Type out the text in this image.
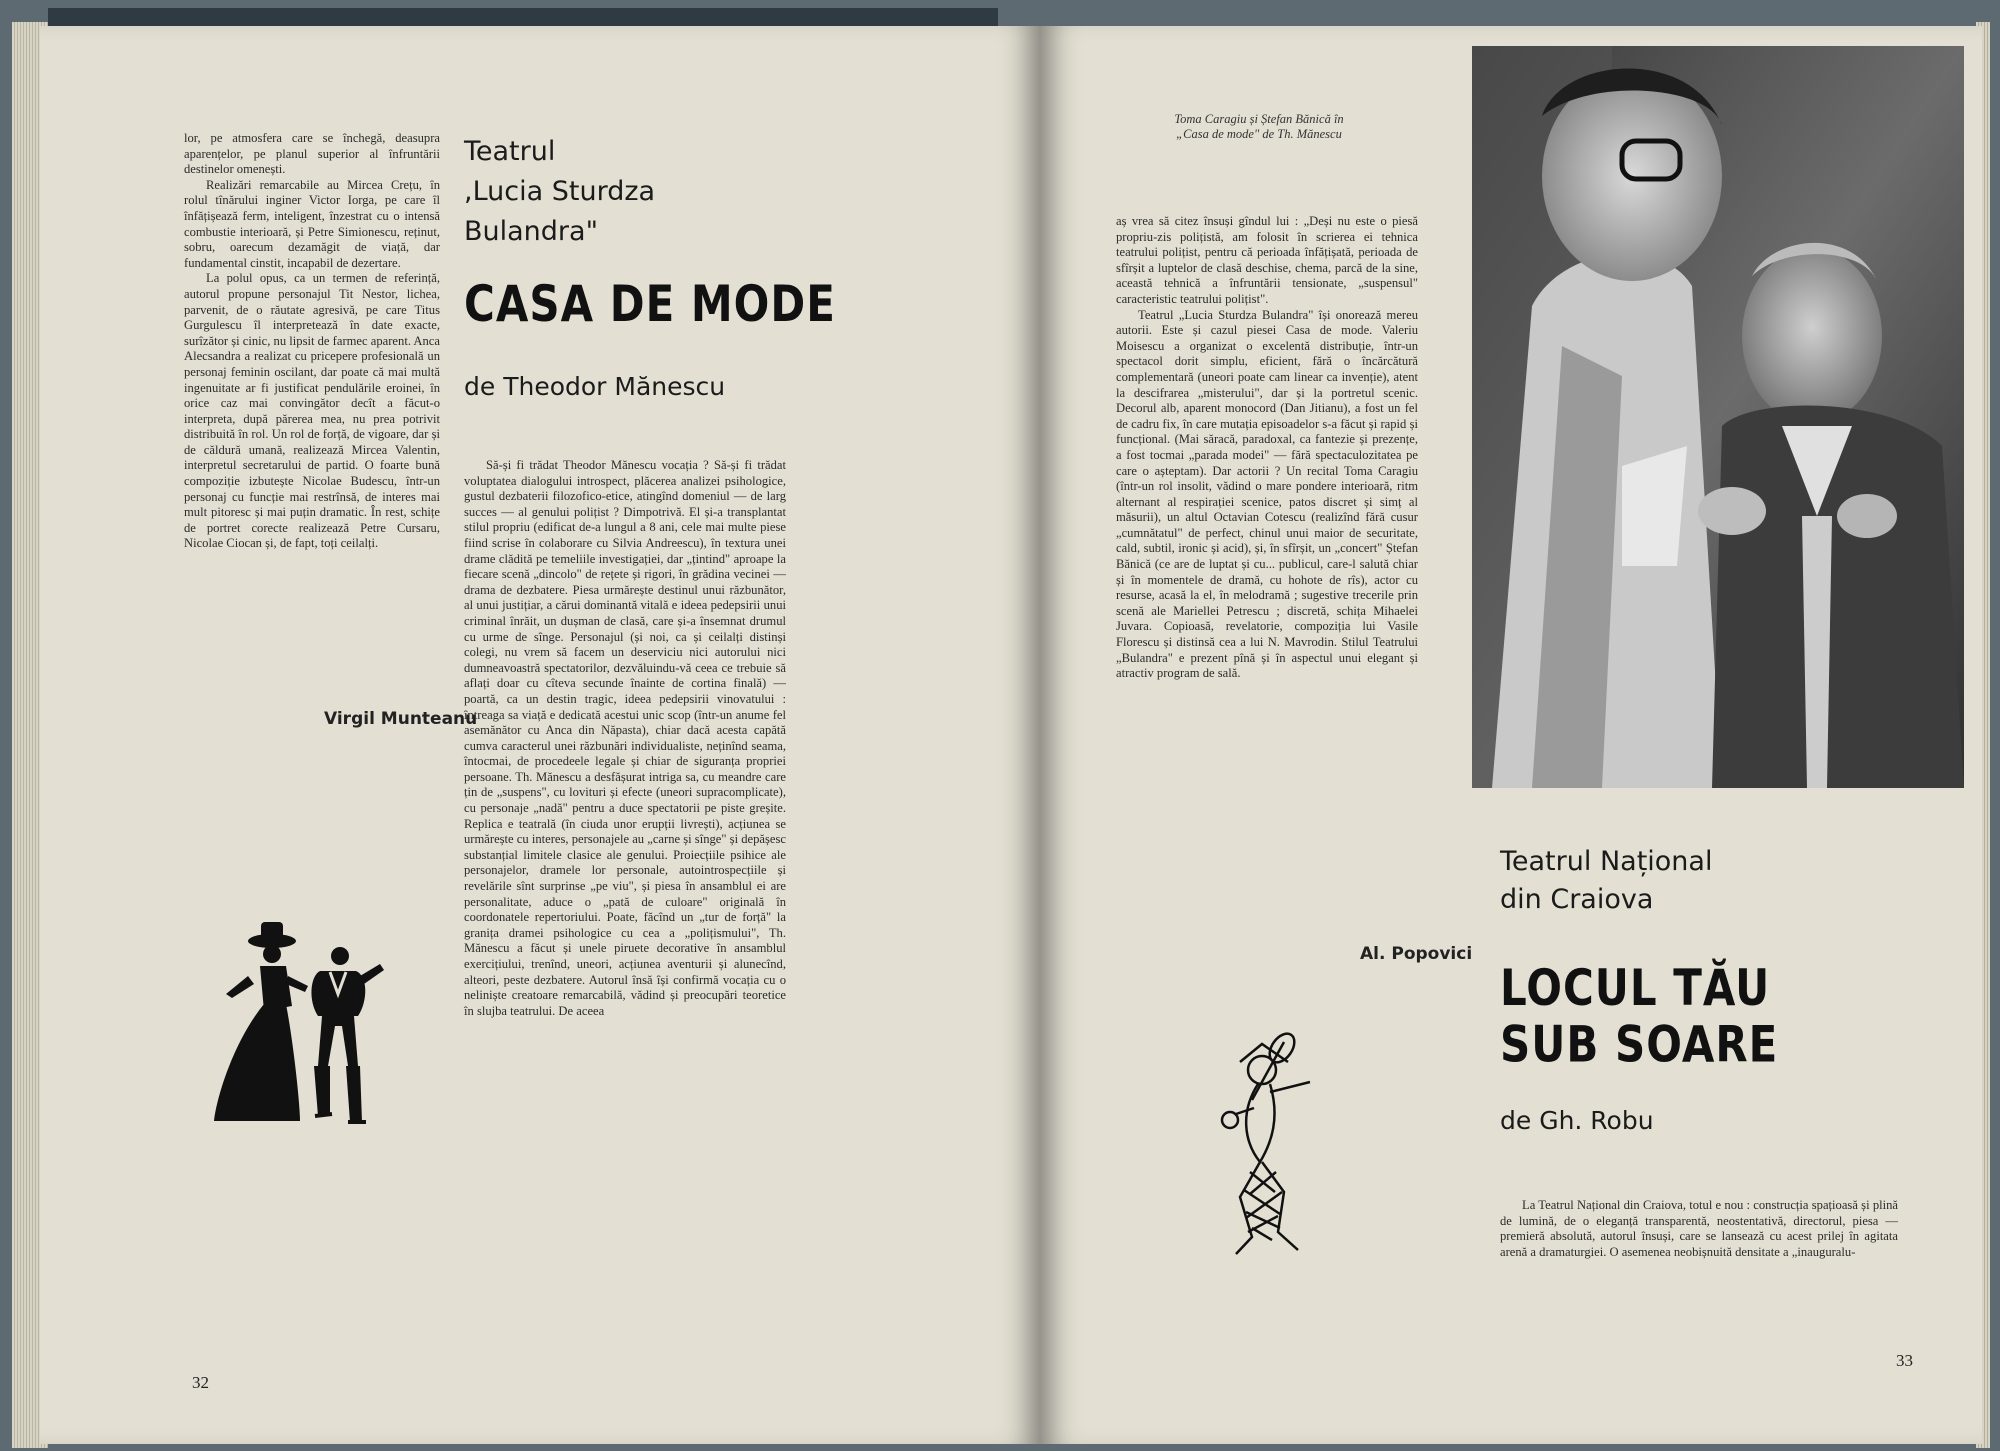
lor, pe atmosfera care se închegă, deasupra aparențelor, pe planul superior al înfruntării destinelor omenești.

Realizări remarcabile au Mircea Crețu, în rolul tînărului inginer Victor Iorga, pe care îl înfățișează ferm, inteligent, înzestrat cu o intensă combustie interioară, și Petre Simionescu, reținut, sobru, oarecum dezamăgit de viață, dar fundamental cinstit, incapabil de dezertare.

La polul opus, ca un termen de referință, autorul propune personajul Tit Nestor, lichea, parvenit, de o răutate agresivă, pe care Titus Gurgulescu îl interpretează în date exacte, surîzător și cinic, nu lipsit de farmec aparent. Anca Alecsandra a realizat cu pricepere profesională un personaj feminin oscilant, dar poate că mai multă ingenuitate ar fi justificat pendulările eroinei, în orice caz mai convingător decît a făcut-o interpreta, după părerea mea, nu prea potrivit distribuită în rol. Un rol de forță, de vigoare, dar și de căldură umană, realizează Mircea Valentin, interpretul secretarului de partid. O foarte bună compoziție izbutește Nicolae Budescu, într-un personaj cu funcție mai restrînsă, de interes mai mult pitoresc și mai puțin dramatic. În rest, schițe de portret corecte realizează Petre Cursaru, Nicolae Ciocan și, de fapt, toți ceilalți.

Virgil Munteanu
Teatrul
,Lucia Sturdza
Bulandra"
CASA DE MODE
de Theodor Mănescu

Să-și fi trădat Theodor Mănescu vocația ? Să-și fi trădat voluptatea dialogului introspect, plăcerea analizei psihologice, gustul dezbaterii filozofico-etice, atingînd domeniul — de larg succes — al genului polițist ? Dimpotrivă. El și-a transplantat stilul propriu (edificat de-a lungul a 8 ani, cele mai multe piese fiind scrise în colaborare cu Silvia Andreescu), în textura unei drame clădită pe temeliile investigației, dar „țintind" aproape la fiecare scenă „dincolo" de rețete și rigori, în grădina vecinei — drama de dezbatere. Piesa urmărește destinul unui răzbunător, al unui justițiar, a cărui dominantă vitală e ideea pedepsirii unui criminal înrăit, un dușman de clasă, care și-a însemnat drumul cu urme de sînge. Personajul (și noi, ca și ceilalți distinși colegi, nu vrem să facem un deserviciu nici autorului nici dumneavoastră spectatorilor, dezvăluindu-vă ceea ce trebuie să aflați doar cu cîteva secunde înainte de cortina finală) — poartă, ca un destin tragic, ideea pedepsirii vinovatului : întreaga sa viață e dedicată acestui unic scop (într-un anume fel asemănător cu Anca din Năpasta), chiar dacă acesta capătă cumva caracterul unei răzbunări individualiste, neținînd seama, întocmai, de procedeele legale și chiar de siguranța propriei persoane. Th. Mănescu a desfășurat intriga sa, cu meandre care țin de „suspens", cu lovituri și efecte (uneori supracomplicate), cu personaje „nadă" pentru a duce spectatorii pe piste greșite. Replica e teatrală (în ciuda unor erupții livrești), acțiunea se urmărește cu interes, personajele au „carne și sînge" și depășesc substanțial limitele clasice ale genului. Proiecțiile psihice ale personajelor, dramele lor personale, autointrospecțiile și revelările sînt surprinse „pe viu", și piesa în ansamblul ei are personalitate, aduce o „pată de culoare" originală în coordonatele repertoriului. Poate, făcînd un „tur de forță" la granița dramei psihologice cu cea a „polițismului", Th. Mănescu a făcut și unele piruete decorative în ansamblul exercițiului, trenînd, uneori, acțiunea aventurii și alunecînd, alteori, peste dezbatere. Autorul însă își confirmă vocația cu o neliniște creatoare remarcabilă, vădind și preocupări teoretice în slujba teatrului. De aceea

32
Toma Caragiu și Ștefan Bănică în
„Casa de mode" de Th. Mănescu

aș vrea să citez însuși gîndul lui : „Deși nu este o piesă propriu-zis polițistă, am folosit în scrierea ei tehnica teatrului polițist, pentru că perioada înfățișată, perioada de sfîrșit a luptelor de clasă deschise, chema, parcă de la sine, această tehnică a înfruntării tensionate, „suspensul" caracteristic teatrului polițist".

Teatrul „Lucia Sturdza Bulandra" își onorează mereu autorii. Este și cazul piesei Casa de mode. Valeriu Moisescu a organizat o excelentă distribuție, într-un spectacol dorit simplu, eficient, fără o încărcătură complementară (uneori poate cam linear ca invenție), atent la descifrarea „misterului", dar și la portretul scenic. Decorul alb, aparent monocord (Dan Jitianu), a fost un fel de cadru fix, în care mutația episoadelor s-a făcut și rapid și funcțional. (Mai săracă, paradoxal, ca fantezie și prezențe, a fost tocmai „parada modei" — fără spectaculozitatea pe care o așteptam). Dar actorii ? Un recital Toma Caragiu (într-un rol insolit, vădind o mare pondere interioară, ritm alternant al respirației scenice, patos discret și simț al măsurii), un altul Octavian Cotescu (realizînd fără cusur „cumnătatul" de perfect, chinul unui maior de securitate, cald, subtil, ironic și acid), și, în sfîrșit, un „concert" Ștefan Bănică (ce are de luptat și cu... publicul, care-l salută chiar și în momentele de dramă, cu hohote de rîs), actor cu resurse, acasă la el, în melodramă ; sugestive trecerile prin scenă ale Mariellei Petrescu ; discretă, schița Mihaelei Juvara. Copioasă, revelatorie, compoziția lui Vasile Florescu și distinsă cea a lui N. Mavrodin. Stilul Teatrului „Bulandra" e prezent pînă și în aspectul unui elegant și atractiv program de sală.

Al. Popovici
Teatrul Național
din Craiova
LOCUL TĂU
SUB SOARE
de Gh. Robu

La Teatrul Național din Craiova, totul e nou : construcția spațioasă și plină de lumină, de o eleganță transparentă, neostentativă, directorul, piesa — premieră absolută, autorul însuși, care se lansează cu acest prilej în agitata arenă a dramaturgiei. O asemenea neobișnuită densitate a „inauguralu-

33
